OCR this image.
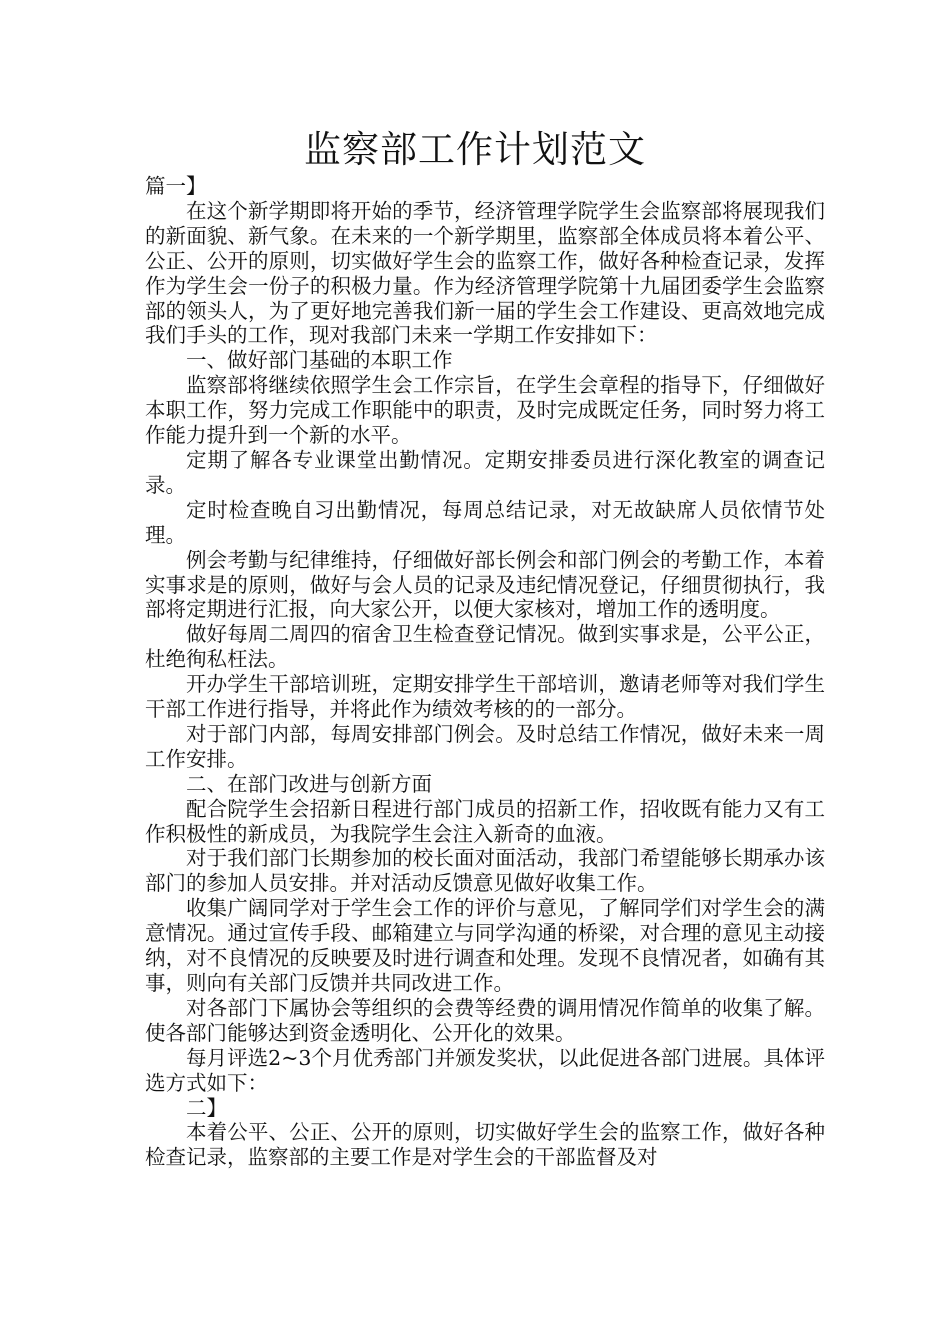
监察部工作计划范文

篇一】

在这个新学期即将开始的季节，经济管理学院学生会监察部将展现我们的新面貌、新气象。在未来的一个新学期里，监察部全体成员将本着公平、公正、公开的原则，切实做好学生会的监察工作，做好各种检查记录，发挥作为学生会一份子的积极力量。作为经济管理学院第十九届团委学生会监察部的领头人，为了更好地完善我们新一届的学生会工作建设、更高效地完成我们手头的工作，现对我部门未来一学期工作安排如下：

一、做好部门基础的本职工作

监察部将继续依照学生会工作宗旨，在学生会章程的指导下，仔细做好本职工作，努力完成工作职能中的职责，及时完成既定任务，同时努力将工作能力提升到一个新的水平。

定期了解各专业课堂出勤情况。定期安排委员进行深化教室的调查记录。

定时检查晚自习出勤情况，每周总结记录，对无故缺席人员依情节处理。

例会考勤与纪律维持，仔细做好部长例会和部门例会的考勤工作，本着实事求是的原则，做好与会人员的记录及违纪情况登记，仔细贯彻执行，我部将定期进行汇报，向大家公开，以便大家核对，增加工作的透明度。

做好每周二周四的宿舍卫生检查登记情况。做到实事求是，公平公正，杜绝徇私枉法。

开办学生干部培训班，定期安排学生干部培训，邀请老师等对我们学生干部工作进行指导，并将此作为绩效考核的的一部分。

对于部门内部，每周安排部门例会。及时总结工作情况，做好未来一周工作安排。

二、在部门改进与创新方面

配合院学生会招新日程进行部门成员的招新工作，招收既有能力又有工作积极性的新成员，为我院学生会注入新奇的血液。

对于我们部门长期参加的校长面对面活动，我部门希望能够长期承办该部门的参加人员安排。并对活动反馈意见做好收集工作。

收集广阔同学对于学生会工作的评价与意见，了解同学们对学生会的满意情况。通过宣传手段、邮箱建立与同学沟通的桥梁，对合理的意见主动接纳，对不良情况的反映要及时进行调查和处理。发现不良情况者，如确有其事，则向有关部门反馈并共同改进工作。

对各部门下属协会等组织的会费等经费的调用情况作简单的收集了解。使各部门能够达到资金透明化、公开化的效果。

每月评选2~3个月优秀部门并颁发奖状，以此促进各部门进展。具体评选方式如下：

二】

本着公平、公正、公开的原则，切实做好学生会的监察工作，做好各种检查记录，监察部的主要工作是对学生会的干部监督及对
